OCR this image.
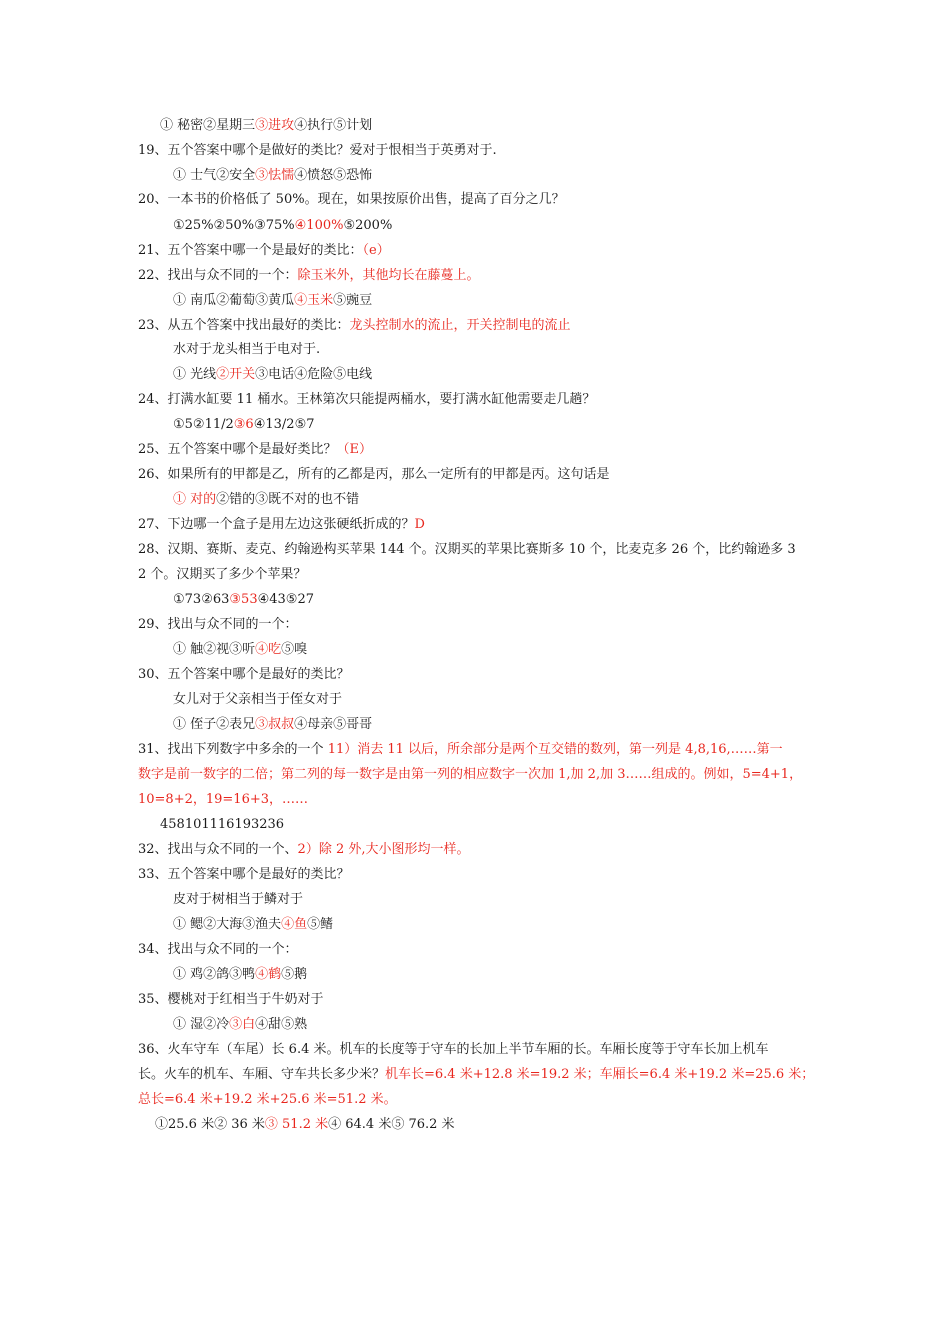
① 秘密②星期三③进攻④执行⑤计划
19、五个答案中哪个是做好的类比？爱对于恨相当于英勇对于.
① 士气②安全③怯懦④愤怒⑤恐怖
20、一本书的价格低了 50%。现在，如果按原价出售，提高了百分之几？
①25%②50%③75%④100%⑤200%
21、五个答案中哪一个是最好的类比：（e）
22、找出与众不同的一个：除玉米外，其他均长在藤蔓上。
① 南瓜②葡萄③黄瓜④玉米⑤豌豆
23、从五个答案中找出最好的类比：龙头控制水的流止，开关控制电的流止
水对于龙头相当于电对于.
① 光线②开关③电话④危险⑤电线
24、打满水缸要 11 桶水。王林第次只能提两桶水，要打满水缸他需要走几趟？
①5②11/2③6④13/2⑤7
25、五个答案中哪个是最好类比？（E）
26、如果所有的甲都是乙，所有的乙都是丙，那么一定所有的甲都是丙。这句话是
① 对的②错的③既不对的也不错
27、下边哪一个盒子是用左边这张硬纸折成的？D
28、汉期、赛斯、麦克、约翰逊构买苹果 144 个。汉期买的苹果比赛斯多 10 个，比麦克多 26 个，比约翰逊多 3
2 个。汉期买了多少个苹果？
①73②63③53④43⑤27
29、找出与众不同的一个：
① 触②视③听④吃⑤嗅
30、五个答案中哪个是最好的类比？
女儿对于父亲相当于侄女对于
① 侄子②表兄③叔叔④母亲⑤哥哥
31、找出下列数字中多余的一个 11）消去 11 以后，所余部分是两个互交错的数列，第一列是 4,8,16,……第一
数字是前一数字的二倍；第二列的每一数字是由第一列的相应数字一次加 1,加 2,加 3……组成的。例如，5=4+1，
10=8+2，19=16+3，……
458101116193236
32、找出与众不同的一个、2）除 2 外,大小图形均一样。
33、五个答案中哪个是最好的类比？
皮对于树相当于鳞对于
① 鳃②大海③渔夫④鱼⑤鳍
34、找出与众不同的一个：
① 鸡②鸽③鸭④鹤⑤鹅
35、樱桃对于红相当于牛奶对于
① 湿②冷③白④甜⑤熟
36、火车守车（车尾）长 6.4 米。机车的长度等于守车的长加上半节车厢的长。车厢长度等于守车长加上机车
长。火车的机车、车厢、守车共长多少米？机车长=6.4 米+12.8 米=19.2 米；车厢长=6.4 米+19.2 米=25.6 米；
总长=6.4 米+19.2 米+25.6 米=51.2 米。
①25.6 米② 36 米③ 51.2 米④ 64.4 米⑤ 76.2 米
